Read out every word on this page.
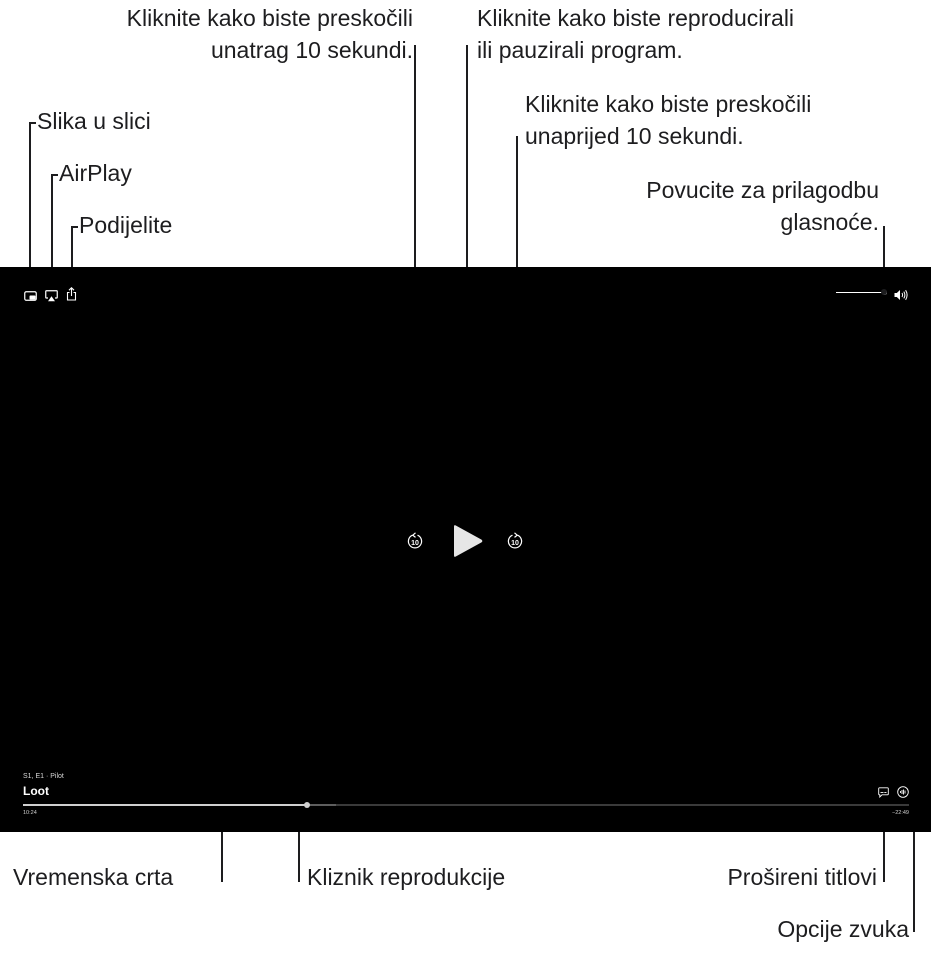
Kliknite kako biste preskočili
unatrag 10 sekundi.

Kliknite kako biste reproducirali
ili pauzirali program.

Kliknite kako biste preskočili
unaprijed 10 sekundi.

Slika u slici

AirPlay

Podijelite

Povucite za prilagodbu
glasnoće.

Vremenska crta	Kliznik reprodukcije	Prošireni titlovi

Opcije zvuka

10	10

S1, E1 · Pilot

Loot

10:24	−22:49
